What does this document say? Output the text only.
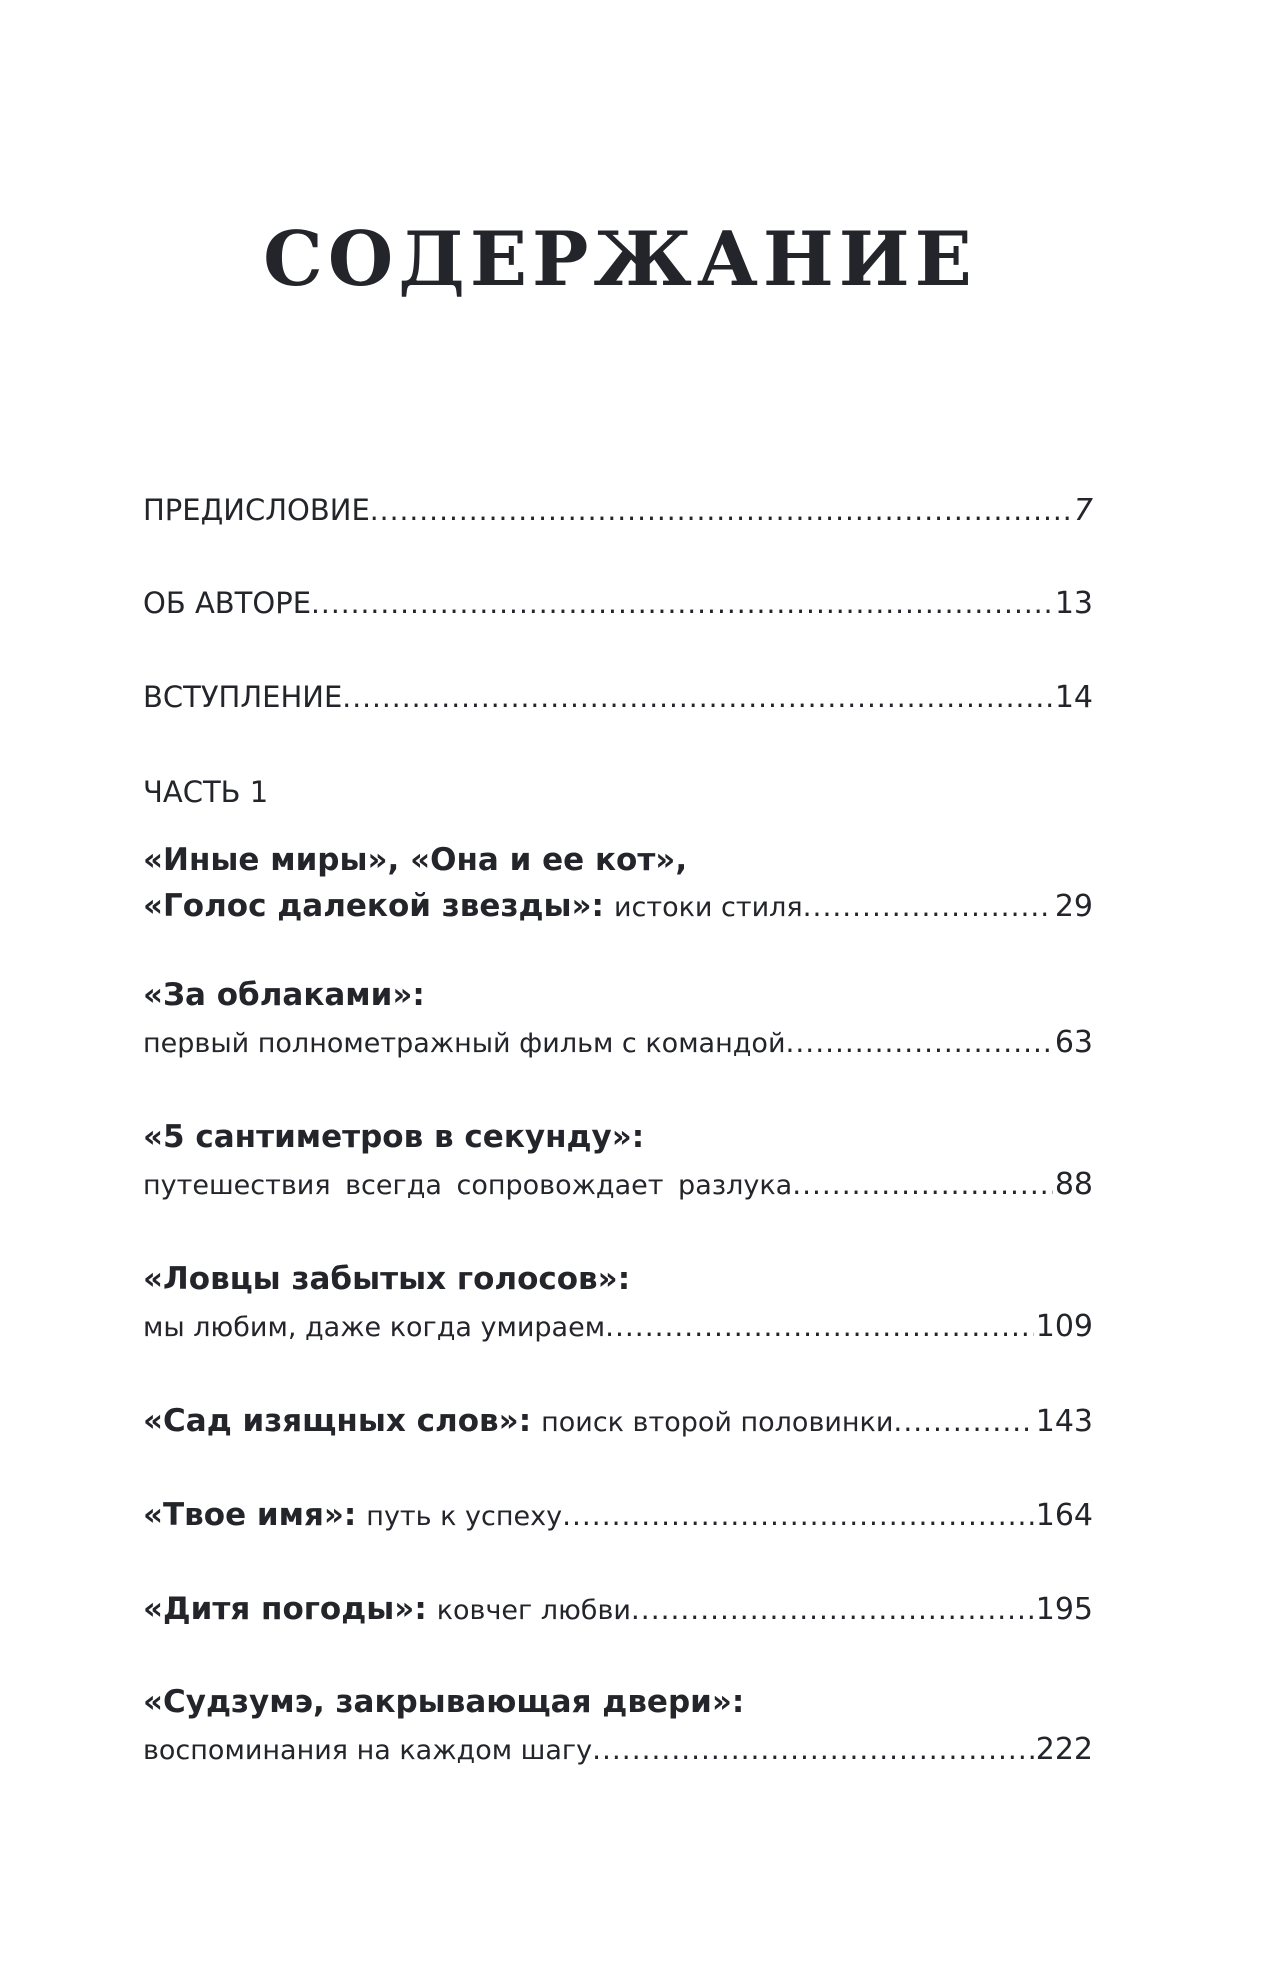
СОДЕРЖАНИЕ
ПРЕДИСЛОВИЕ .....	7
ОБ АВТОРЕ .....	13
ВСТУПЛЕНИЕ .....	14
ЧАСТЬ 1
«Иные миры», «Она и ее кот»,
«Голос далекой звезды»: истоки стиля .....	29
«За облаками»:
первый полнометражный фильм с командой .....	63
«5 сантиметров в секунду»:
путешествия всегда сопровождает разлука .....	88
«Ловцы забытых голосов»:
мы любим, даже когда умираем .....	109
«Сад изящных слов»: поиск второй половинки .....	143
«Твое имя»: путь к успеху .....	164
«Дитя погоды»: ковчег любви .....	195
«Судзумэ, закрывающая двери»:
воспоминания на каждом шагу .....	222
